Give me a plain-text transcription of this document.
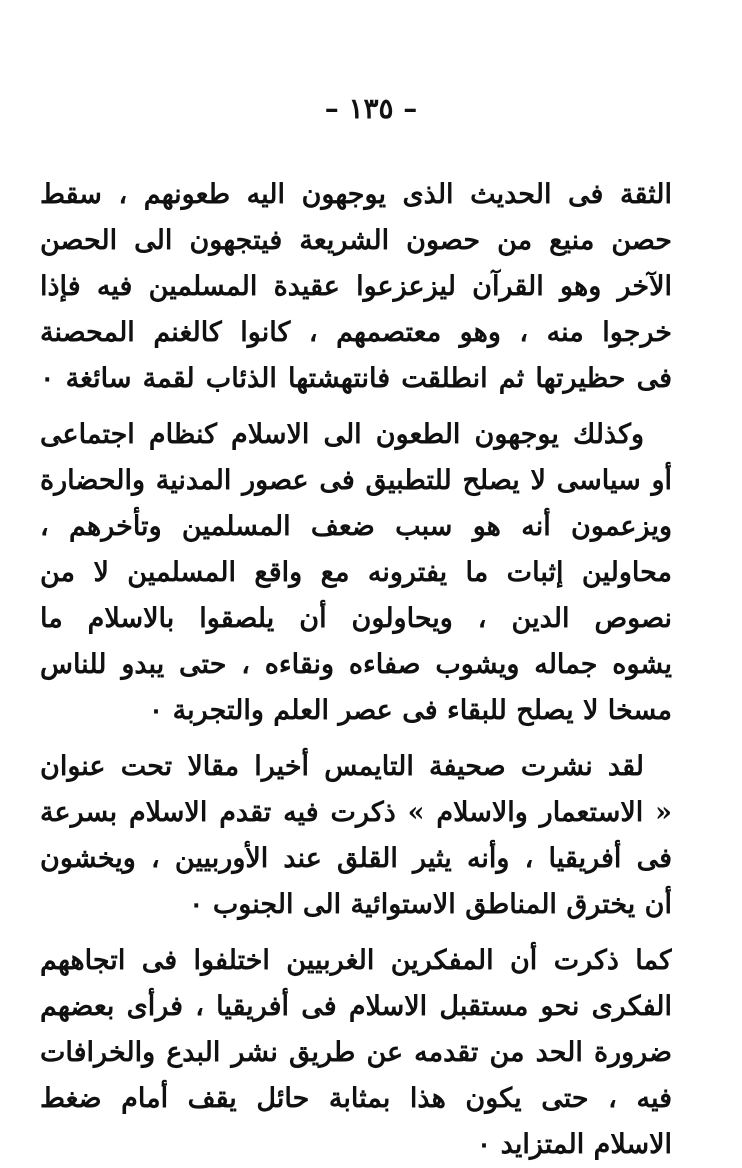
– ١٣٥ –
الثقة فى الحديث الذى يوجهون اليه طعونهم ، سقط
حصن منيع من حصون الشريعة فيتجهون الى الحصن
الآخر وهو القرآن ليزعزعوا عقيدة المسلمين فيه فإذا
خرجوا منه ، وهو معتصمهم ، كانوا كالغنم المحصنة
فى حظيرتها ثم انطلقت فانتهشتها الذئاب لقمة سائغة ٠
وكذلك يوجهون الطعون الى الاسلام كنظام اجتماعى
أو سياسى لا يصلح للتطبيق فى عصور المدنية والحضارة
ويزعمون أنه هو سبب ضعف المسلمين وتأخرهم ،
محاولين إثبات ما يفترونه مع واقع المسلمين لا من
نصوص الدين ، ويحاولون أن يلصقوا بالاسلام ما
يشوه جماله ويشوب صفاءه ونقاءه ، حتى يبدو للناس
مسخا لا يصلح للبقاء فى عصر العلم والتجربة ٠
لقد نشرت صحيفة التايمس أخيرا مقالا تحت عنوان
« الاستعمار والاسلام » ذكرت فيه تقدم الاسلام بسرعة
فى أفريقيا ، وأنه يثير القلق عند الأوربيين ، ويخشون
أن يخترق المناطق الاستوائية الى الجنوب ٠
كما ذكرت أن المفكرين الغربيين اختلفوا فى اتجاههم
الفكرى نحو مستقبل الاسلام فى أفريقيا ، فرأى بعضهم
ضرورة الحد من تقدمه عن طريق نشر البدع والخرافات
فيه ، حتى يكون هذا بمثابة حائل يقف أمام ضغط
الاسلام المتزايد ٠
